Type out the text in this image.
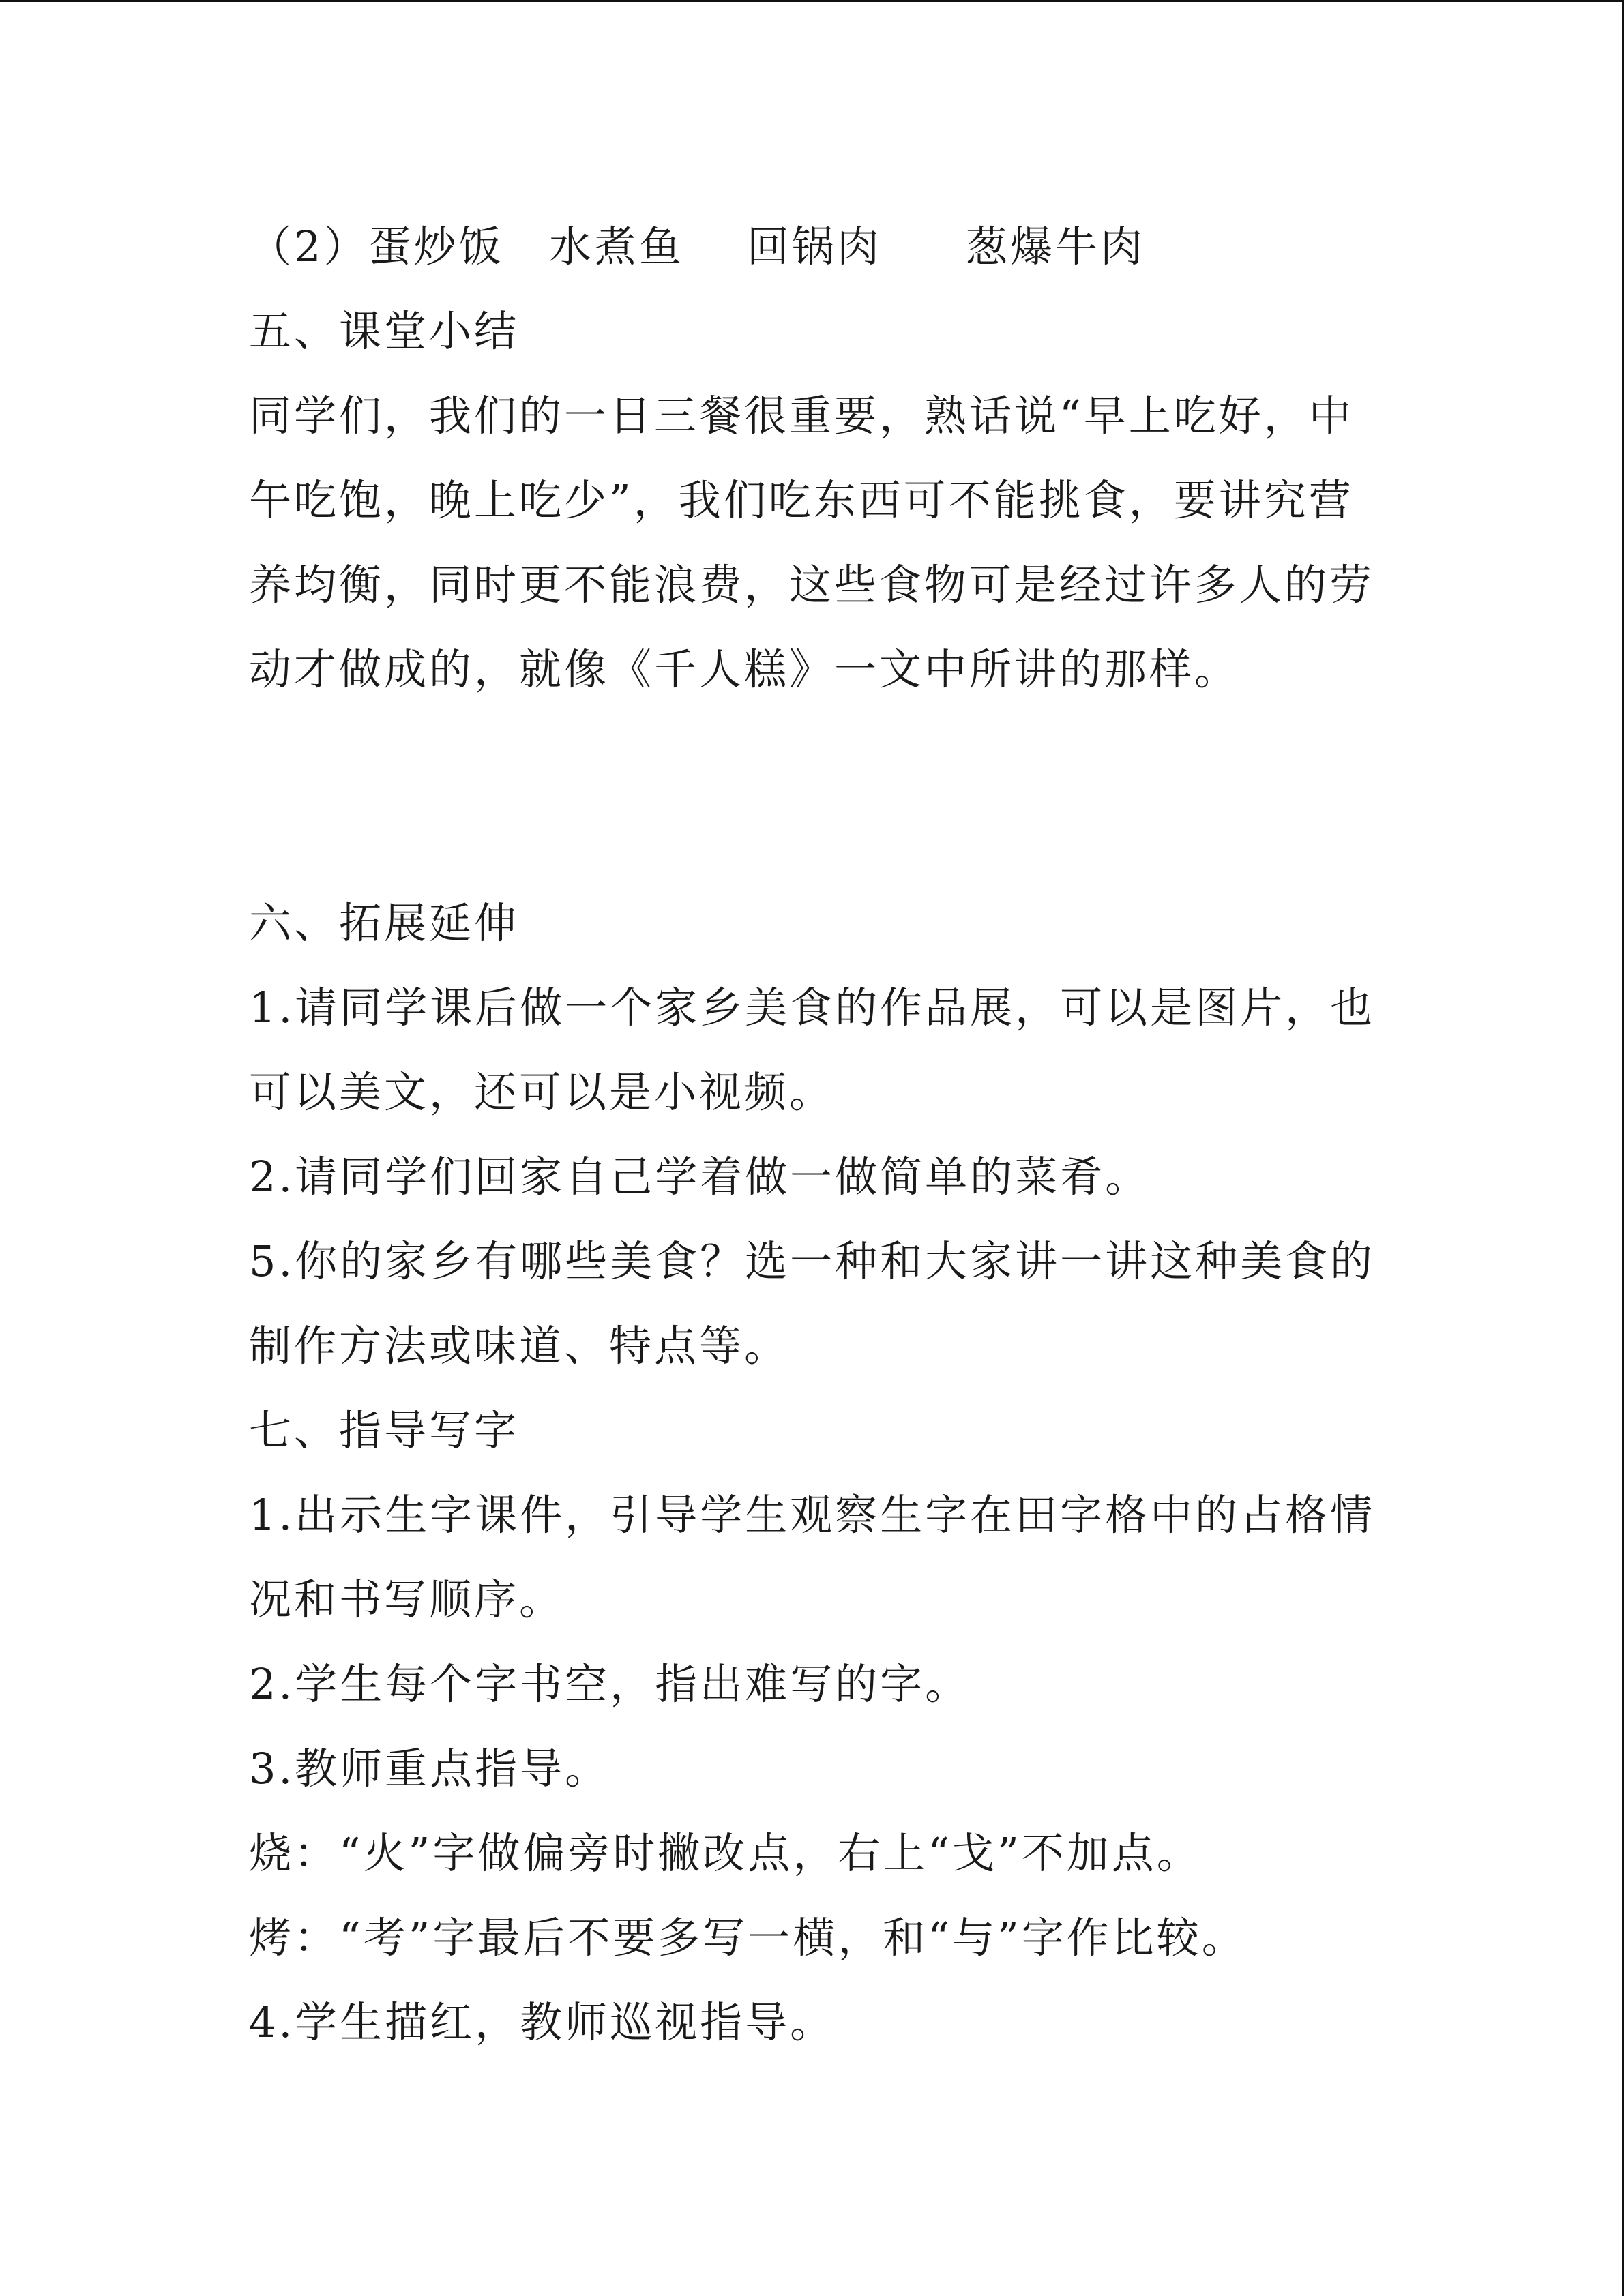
（2）蛋炒饭	水煮鱼	回锅肉	葱爆牛肉
五、课堂小结
同学们，我们的一日三餐很重要，熟话说“早上吃好，中
午吃饱，晚上吃少”，我们吃东西可不能挑食，要讲究营
养均衡，同时更不能浪费，这些食物可是经过许多人的劳
动才做成的，就像《千人糕》一文中所讲的那样。
六、拓展延伸
1.请同学课后做一个家乡美食的作品展，可以是图片，也
可以美文，还可以是小视频。
2.请同学们回家自己学着做一做简单的菜肴。
5.你的家乡有哪些美食？选一种和大家讲一讲这种美食的
制作方法或味道、特点等。
七、指导写字
1.出示生字课件，引导学生观察生字在田字格中的占格情
况和书写顺序。
2.学生每个字书空，指出难写的字。
3.教师重点指导。
烧：“火”字做偏旁时撇改点，右上“戈”不加点。
烤：“考”字最后不要多写一横，和“与”字作比较。
4.学生描红，教师巡视指导。
